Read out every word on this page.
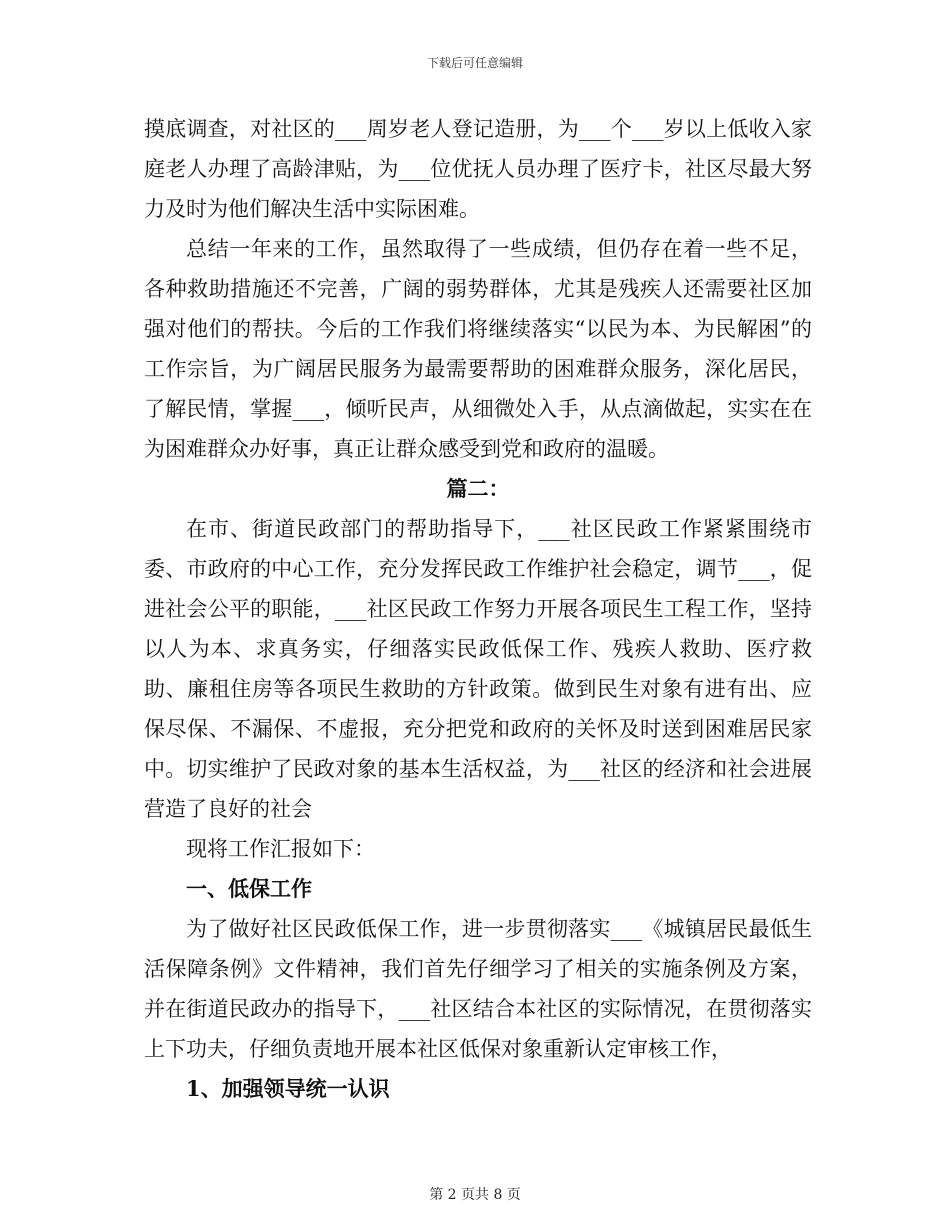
下载后可任意编辑

摸底调查，对社区的___周岁老人登记造册，为___个___岁以上低收入家庭老人办理了高龄津贴，为___位优抚人员办理了医疗卡，社区尽最大努力及时为他们解决生活中实际困难。

总结一年来的工作，虽然取得了一些成绩，但仍存在着一些不足，各种救助措施还不完善，广阔的弱势群体，尤其是残疾人还需要社区加强对他们的帮扶。今后的工作我们将继续落实“以民为本、为民解困”的工作宗旨，为广阔居民服务为最需要帮助的困难群众服务，深化居民，了解民情，掌握___，倾听民声，从细微处入手，从点滴做起，实实在在为困难群众办好事，真正让群众感受到党和政府的温暖。

篇二：

在市、街道民政部门的帮助指导下，___社区民政工作紧紧围绕市委、市政府的中心工作，充分发挥民政工作维护社会稳定，调节___，促进社会公平的职能，___社区民政工作努力开展各项民生工程工作，坚持以人为本、求真务实，仔细落实民政低保工作、残疾人救助、医疗救助、廉租住房等各项民生救助的方针政策。做到民生对象有进有出、应保尽保、不漏保、不虚报，充分把党和政府的关怀及时送到困难居民家中。切实维护了民政对象的基本生活权益，为___社区的经济和社会进展营造了良好的社会

现将工作汇报如下：

一、低保工作

为了做好社区民政低保工作，进一步贯彻落实___《城镇居民最低生活保障条例》文件精神，我们首先仔细学习了相关的实施条例及方案，并在街道民政办的指导下，___社区结合本社区的实际情况，在贯彻落实上下功夫，仔细负责地开展本社区低保对象重新认定审核工作，

1、加强领导统一认识

第 2 页共 8 页
